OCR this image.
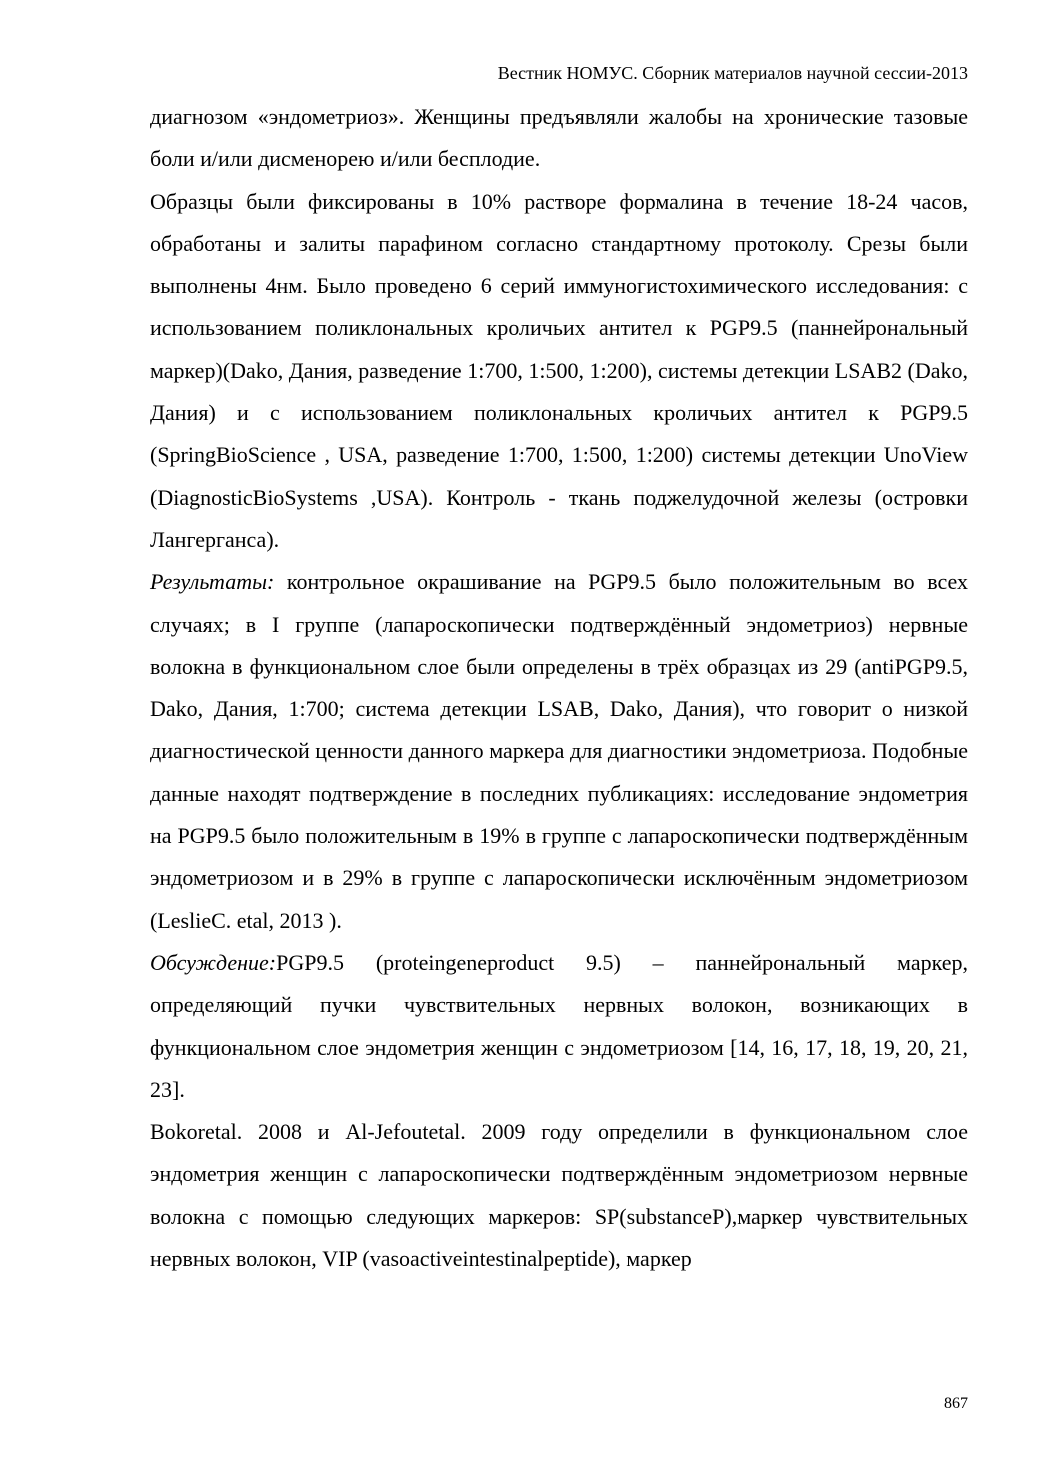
Вестник НОМУС. Сборник материалов научной сессии-2013

диагнозом «эндометриоз». Женщины предъявляли жалобы на хронические тазовые боли и/или дисменорею и/или бесплодие.

Образцы были фиксированы в 10% растворе формалина в течение 18-24 часов, обработаны и залиты парафином согласно стандартному протоколу. Срезы были выполнены 4нм. Было проведено 6 серий иммуногистохимического исследования: с использованием поликлональных кроличьих антител к PGP9.5 (паннейрональный маркер)(Dako, Дания, разведение 1:700, 1:500, 1:200), системы детекции LSAB2 (Dako, Дания) и с использованием поликлональных кроличьих антител к PGP9.5 (SpringBioScience , USA, разведение 1:700, 1:500, 1:200) системы детекции UnoView (DiagnosticBioSystems ,USA). Контроль - ткань поджелудочной железы (островки Лангерганса).

Результаты: контрольное окрашивание на PGP9.5 было положительным во всех случаях; в I группе (лапароскопически подтверждённый эндометриоз) нервные волокна в функциональном слое были определены в трёх образцах из 29 (antiPGP9.5, Dako, Дания, 1:700; система детекции LSAB, Dako, Дания), что говорит о низкой диагностической ценности данного маркера для диагностики эндометриоза. Подобные данные находят подтверждение в последних публикациях: исследование эндометрия на PGP9.5 было положительным в 19% в группе с лапароскопически подтверждённым эндометриозом и в 29% в группе с лапароскопически исключённым эндометриозом (LeslieC. etal, 2013 ).

Обсуждение:PGP9.5 (proteingeneproduct 9.5) – паннейрональный маркер, определяющий пучки чувствительных нервных волокон, возникающих в функциональном слое эндометрия женщин с эндометриозом [14, 16, 17, 18, 19, 20, 21, 23].

Bokoretal. 2008 и Al-Jefoutetal. 2009 году определили в функциональном слое эндометрия женщин с лапароскопически подтверждённым эндометриозом нервные волокна с помощью следующих маркеров: SP(substanceP),маркер чувствительных нервных волокон, VIP (vasoactiveintestinalpeptide), маркер

867
